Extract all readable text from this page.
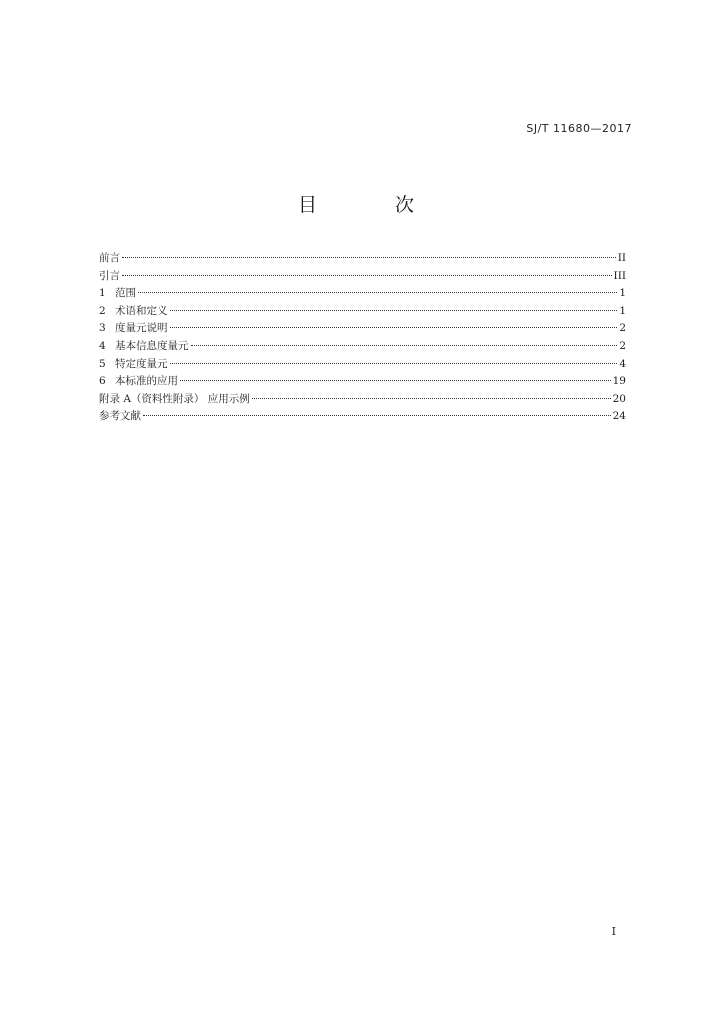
SJ/T 11680—2017
目 次
前言	II
引言	III
1 范围	1
2 术语和定义	1
3 度量元说明	2
4 基本信息度量元	2
5 特定度量元	4
6 本标准的应用	19
附录 A（资料性附录） 应用示例	20
参考文献	24
I
